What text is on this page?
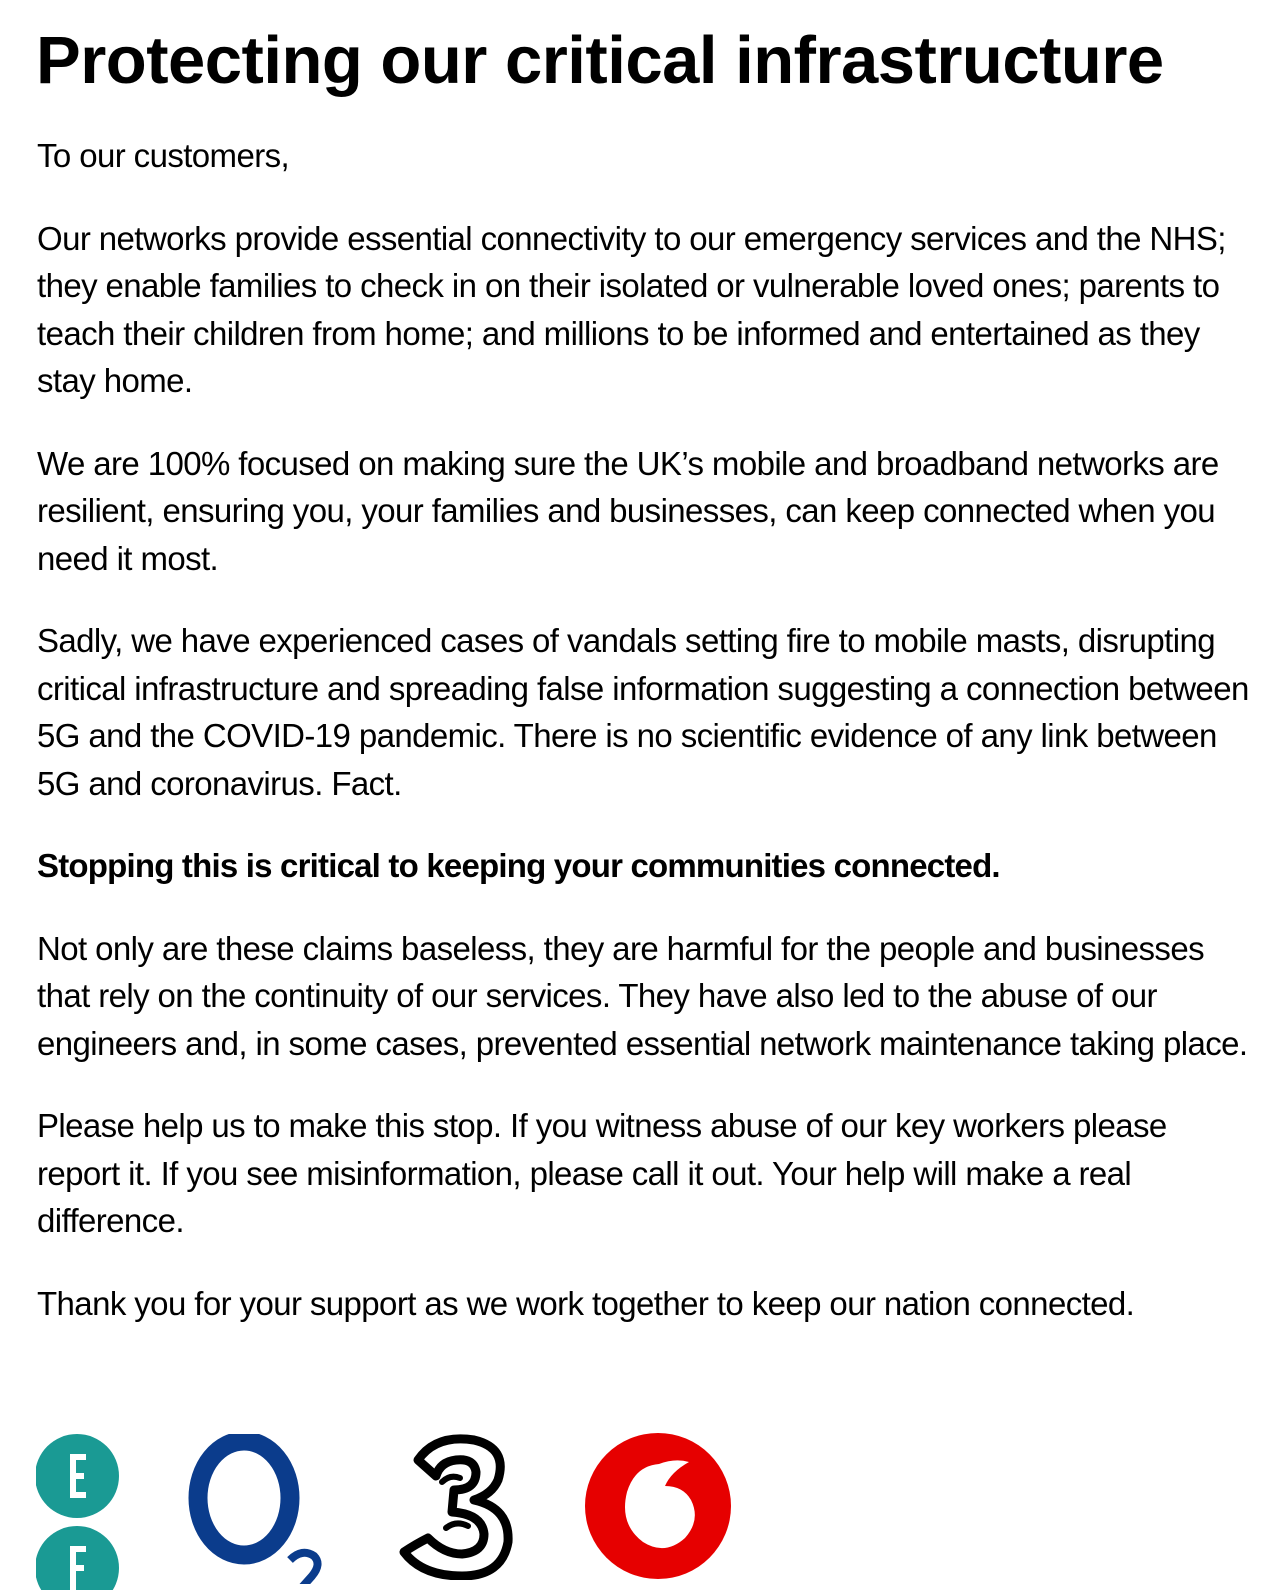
Protecting our critical infrastructure

To our customers,

Our networks provide essential connectivity to our emergency services and the NHS; they enable families to check in on their isolated or vulnerable loved ones; parents to teach their children from home; and millions to be informed and entertained as they stay home.

We are 100% focused on making sure the UK’s mobile and broadband networks are resilient, ensuring you, your families and businesses, can keep connected when you need it most.

Sadly, we have experienced cases of vandals setting fire to mobile masts, disrupting critical infrastructure and spreading false information suggesting a connection between 5G and the COVID-19 pandemic. There is no scientific evidence of any link between 5G and coronavirus. Fact.

Stopping this is critical to keeping your communities connected.

Not only are these claims baseless, they are harmful for the people and businesses that rely on the continuity of our services. They have also led to the abuse of our engineers and, in some cases, prevented essential network maintenance taking place.

Please help us to make this stop. If you witness abuse of our key workers please report it. If you see misinformation, please call it out. Your help will make a real difference.

Thank you for your support as we work together to keep our nation connected.
